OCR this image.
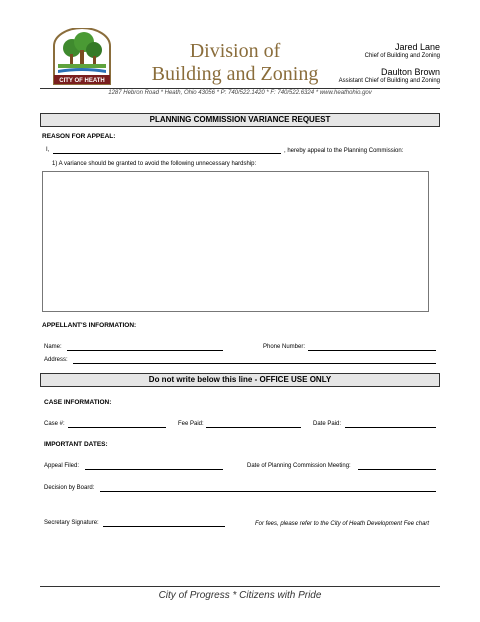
CITY OF HEATH
Division of
Building and Zoning
Jared Lane
Chief of Building and Zoning
Daulton Brown
Assistant Chief of Building and Zoning
1287 Hebron Road * Heath, Ohio 43056 * P: 740/522.1420 * F: 740/522.6324 * www.heathohio.gov
PLANNING COMMISSION VARIANCE REQUEST
REASON FOR APPEAL:
I,	, hereby appeal to the Planning Commission:
1) A variance should be granted to avoid the following unnecessary hardship:
APPELLANT'S INFORMATION:
Name:	Phone Number:
Address:
Do not write below this line - OFFICE USE ONLY
CASE INFORMATION:
Case #:	Fee Paid:	Date Paid:
IMPORTANT DATES:
Appeal Filed:	Date of Planning Commission Meeting:
Decision by Board:
Secretary Signature:	For fees, please refer to the City of Heath Development Fee chart
City of Progress * Citizens with Pride
